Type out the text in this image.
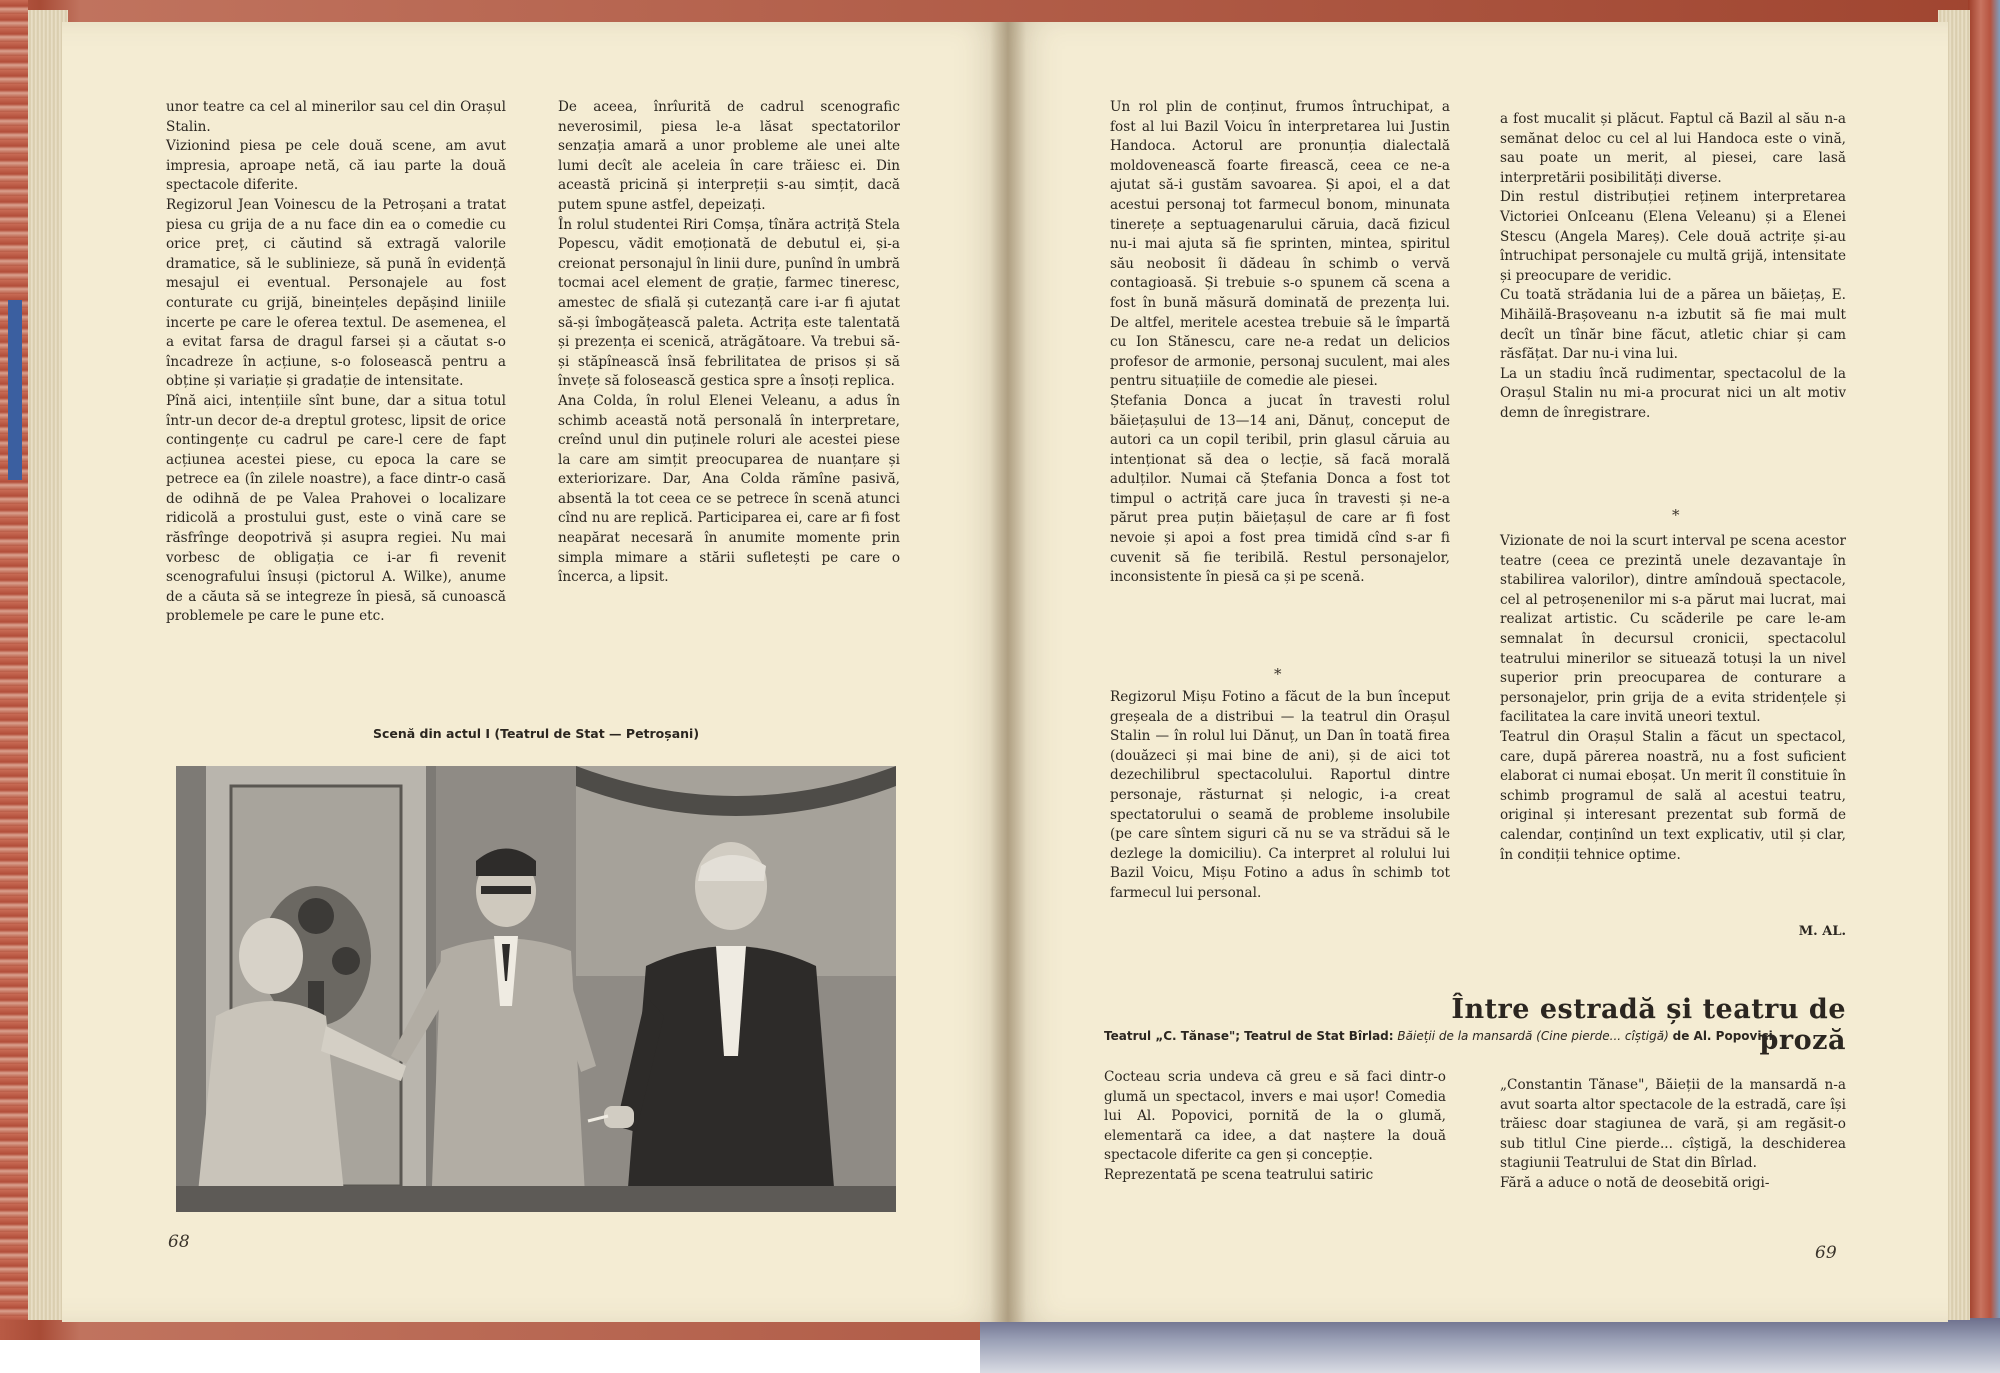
unor teatre ca cel al minerilor sau cel din Orașul Stalin.
Vizionind piesa pe cele două scene, am avut impresia, aproape netă, că iau parte la două spectacole diferite.
Regizorul Jean Voinescu de la Petroșani a tratat piesa cu grija de a nu face din ea o comedie cu orice preț, ci căutind să extragă valorile dramatice, să le sublinieze, să pună în evidență mesajul ei eventual. Personajele au fost conturate cu grijă, bineințeles depășind liniile incerte pe care le oferea textul. De asemenea, el a evitat farsa de dragul farsei și a căutat s-o încadreze în acțiune, s-o folosească pentru a obține și variație și gradație de intensitate.
Pînă aici, intențiile sînt bune, dar a situa totul într-un decor de-a dreptul grotesc, lipsit de orice contingențe cu cadrul pe care-l cere de fapt acțiunea acestei piese, cu epoca la care se petrece ea (în zilele noastre), a face dintr-o casă de odihnă de pe Valea Prahovei o localizare ridicolă a prostului gust, este o vină care se răsfrînge deopotrivă și asupra regiei. Nu mai vorbesc de obligația ce i-ar fi revenit scenografului însuși (pictorul A. Wilke), anume de a căuta să se integreze în piesă, să cunoască problemele pe care le pune etc.
De aceea, înrîurită de cadrul scenografic neverosimil, piesa le-a lăsat spectatorilor senzația amară a unor probleme ale unei alte lumi decît ale aceleia în care trăiesc ei. Din această pricină și interpreții s-au simțit, dacă putem spune astfel, depeizați.
În rolul studentei Riri Comșa, tînăra actriță Stela Popescu, vădit emoționată de debutul ei, și-a creionat personajul în linii dure, punînd în umbră tocmai acel element de grație, farmec tineresc, amestec de sfială și cutezanță care i-ar fi ajutat să-și îmbogățească paleta. Actrița este talentată și prezența ei scenică, atrăgătoare. Va trebui să-și stăpînească însă febrilitatea de prisos și să învețe să folosească gestica spre a însoți replica.
Ana Colda, în rolul Elenei Veleanu, a adus în schimb această notă personală în interpretare, creînd unul din puținele roluri ale acestei piese la care am simțit preocuparea de nuanțare și exteriorizare. Dar, Ana Colda rămîne pasivă, absentă la tot ceea ce se petrece în scenă atunci cînd nu are replică. Participarea ei, care ar fi fost neapărat necesară în anumite momente prin simpla mimare a stării sufletești pe care o încerca, a lipsit.
Scenă din actul I (Teatrul de Stat — Petroșani)
68
Un rol plin de conținut, frumos întruchipat, a fost al lui Bazil Voicu în interpretarea lui Justin Handoca. Actorul are pronunția dialectală moldovenească foarte firească, ceea ce ne-a ajutat să-i gustăm savoarea. Și apoi, el a dat acestui personaj tot farmecul bonom, minunata tinerețe a septuagenarului căruia, dacă fizicul nu-i mai ajuta să fie sprinten, mintea, spiritul său neobosit îi dădeau în schimb o vervă contagioasă. Și trebuie s-o spunem că scena a fost în bună măsură dominată de prezența lui. De altfel, meritele acestea trebuie să le împartă cu Ion Stănescu, care ne-a redat un delicios profesor de armonie, personaj suculent, mai ales pentru situațiile de comedie ale piesei.
Ștefania Donca a jucat în travesti rolul băiețașului de 13—14 ani, Dănuț, conceput de autori ca un copil teribil, prin glasul căruia au intenționat să dea o lecție, să facă morală adulților. Numai că Ștefania Donca a fost tot timpul o actriță care juca în travesti și ne-a părut prea puțin băiețașul de care ar fi fost nevoie și apoi a fost prea timidă cînd s-ar fi cuvenit să fie teribilă. Restul personajelor, inconsistente în piesă ca și pe scenă.
*
Regizorul Mișu Fotino a făcut de la bun început greșeala de a distribui — la teatrul din Orașul Stalin — în rolul lui Dănuț, un Dan în toată firea (douăzeci și mai bine de ani), și de aici tot dezechilibrul spectacolului. Raportul dintre personaje, răsturnat și nelogic, i-a creat spectatorului o seamă de probleme insolubile (pe care sîntem siguri că nu se va strădui să le dezlege la domiciliu). Ca interpret al rolului lui Bazil Voicu, Mișu Fotino a adus în schimb tot farmecul lui personal.
a fost mucalit și plăcut. Faptul că Bazil al său n-a semănat deloc cu cel al lui Handoca este o vină, sau poate un merit, al piesei, care lasă interpretării posibilități diverse.
Din restul distribuției reținem interpretarea Victoriei OnIceanu (Elena Veleanu) și a Elenei Stescu (Angela Mareș). Cele două actrițe și-au întruchipat personajele cu multă grijă, intensitate și preocupare de veridic.
Cu toată strădania lui de a părea un băiețaș, E. Mihăilă-Brașoveanu n-a izbutit să fie mai mult decît un tînăr bine făcut, atletic chiar și cam răsfățat. Dar nu-i vina lui.
La un stadiu încă rudimentar, spectacolul de la Orașul Stalin nu mi-a procurat nici un alt motiv demn de înregistrare.
*
Vizionate de noi la scurt interval pe scena acestor teatre (ceea ce prezintă unele dezavantaje în stabilirea valorilor), dintre amîndouă spectacole, cel al petroșenenilor mi s-a părut mai lucrat, mai realizat artistic. Cu scăderile pe care le-am semnalat în decursul cronicii, spectacolul teatrului minerilor se situează totuși la un nivel superior prin preocuparea de conturare a personajelor, prin grija de a evita stridențele și facilitatea la care invită uneori textul.
Teatrul din Orașul Stalin a făcut un spectacol, care, după părerea noastră, nu a fost suficient elaborat ci numai eboșat. Un merit îl constituie în schimb programul de sală al acestui teatru, original și interesant prezentat sub formă de calendar, conținînd un text explicativ, util și clar, în condiții tehnice optime.
M. AL.
Între estradă și teatru de proză
Teatrul „C. Tănase"; Teatrul de Stat Bîrlad: Băieții de la mansardă (Cine pierde... cîștigă) de Al. Popovici
Cocteau scria undeva că greu e să faci dintr-o glumă un spectacol, invers e mai ușor! Comedia lui Al. Popovici, pornită de la o glumă, elementară ca idee, a dat naștere la două spectacole diferite ca gen și concepție.
Reprezentată pe scena teatrului satiric
„Constantin Tănase", Băieții de la mansardă n-a avut soarta altor spectacole de la estradă, care își trăiesc doar stagiunea de vară, și am regăsit-o sub titlul Cine pierde... cîștigă, la deschiderea stagiunii Teatrului de Stat din Bîrlad.
Fără a aduce o notă de deosebită origi-
69
